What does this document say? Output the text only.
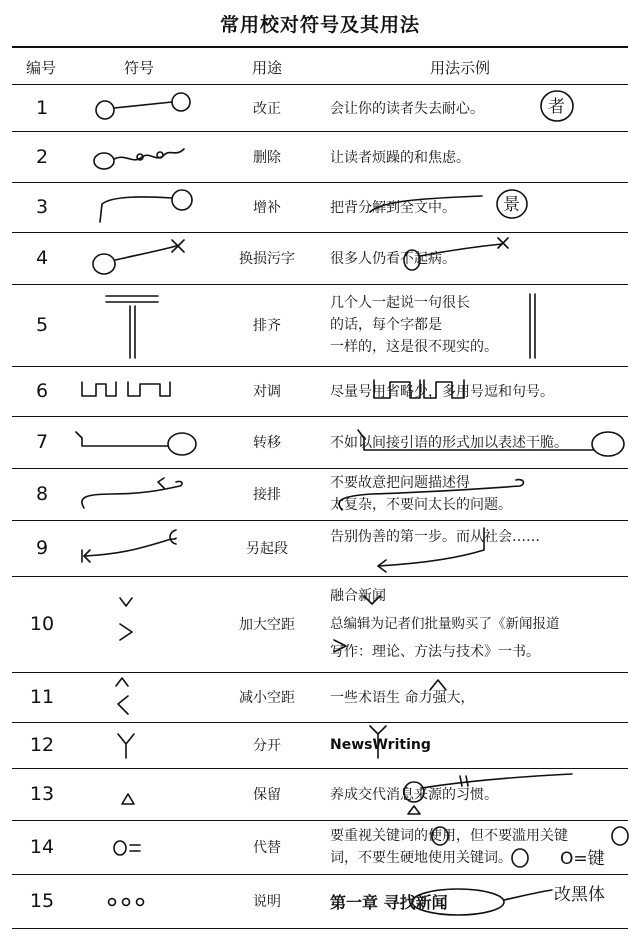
常用校对符号及其用法
编号	符号	用途	用法示例
1	改正	会让你的读者失去耐心。	者
2	删除	让读者烦躁的和焦虑。
3	增补	把背分解到全文中。	景
4	换损污字	很多人仍看不起病。
5	排齐
几个人一起说一句很长
的话，每个字都是
一样的，这是很不现实的。
6	对调	尽量号用省略少，多用号逗和句号。
7	转移	不如以间接引语的形式加以表述干脆。
8	接排
不要故意把问题描述得
太复杂，不要问太长的问题。
9	另起段
告别伪善的第一步。而从社会……
10	加大空距
融合新闻
总编辑为记者们批量购买了《新闻报道
写作：理论、方法与技术》一书。
11	减小空距	一些术语生 命力强大，
12	分开	NewsWriting
13	保留	养成交代消息来源的习惯。
14	代替
要重视关键词的使用，但不要滥用关键
词，不要生硬地使用关键词。	O=键
15	说明	第一章 寻找新闻	改黑体
